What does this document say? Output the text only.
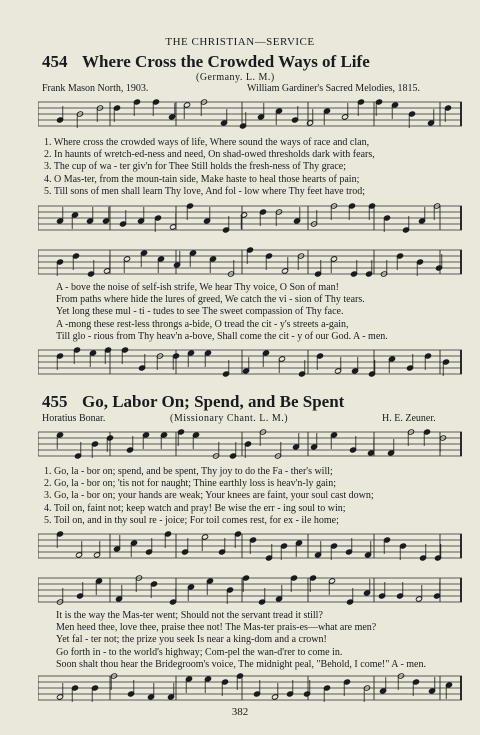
THE CHRISTIAN—SERVICE
454 Where Cross the Crowded Ways of Life
(Germany. L. M.)
Frank Mason North, 1903.	William Gardiner's Sacred Melodies, 1815.
1. Where cross the crowded ways of life, Where sound the ways of race and clan,
2. In haunts of wretch-ed-ness and need, On shad-owed thresholds dark with fears,
3. The cup of wa - ter giv'n for Thee Still holds the fresh-ness of Thy grace;
4. O Mas-ter, from the moun-tain side, Make haste to heal those hearts of pain;
5. Till sons of men shall learn Thy love, And fol - low where Thy feet have trod;
A - bove the noise of self-ish strife, We hear Thy voice, O Son of man!
From paths where hide the lures of greed, We catch the vi - sion of Thy tears.
Yet long these mul - ti - tudes to see The sweet compassion of Thy face.
A -mong these rest-less throngs a-bide, O tread the cit - y's streets a-gain,
Till glo - rious from Thy heav'n a-bove, Shall come the cit - y of our God. A - men.
455 Go, Labor On; Spend, and Be Spent
Horatius Bonar.	(Missionary Chant. L. M.)	H. E. Zeuner.
1. Go, la - bor on; spend, and be spent, Thy joy to do the Fa - ther's will;
2. Go, la - bor on; 'tis not for naught; Thine earthly loss is heav'n-ly gain;
3. Go, la - bor on; your hands are weak; Your knees are faint, your soul cast down;
4. Toil on, faint not; keep watch and pray! Be wise the err - ing soul to win;
5. Toil on, and in thy soul re - joice; For toil comes rest, for ex - ile home;
It is the way the Mas-ter went; Should not the servant tread it still?
Men heed thee, love thee, praise thee not! The Mas-ter prais-es—what are men?
Yet fal - ter not; the prize you seek Is near a king-dom and a crown!
Go forth in - to the world's highway; Com-pel the wan-d'rer to come in.
Soon shalt thou hear the Bridegroom's voice, The midnight peal, "Behold, I come!" A - men.
382
